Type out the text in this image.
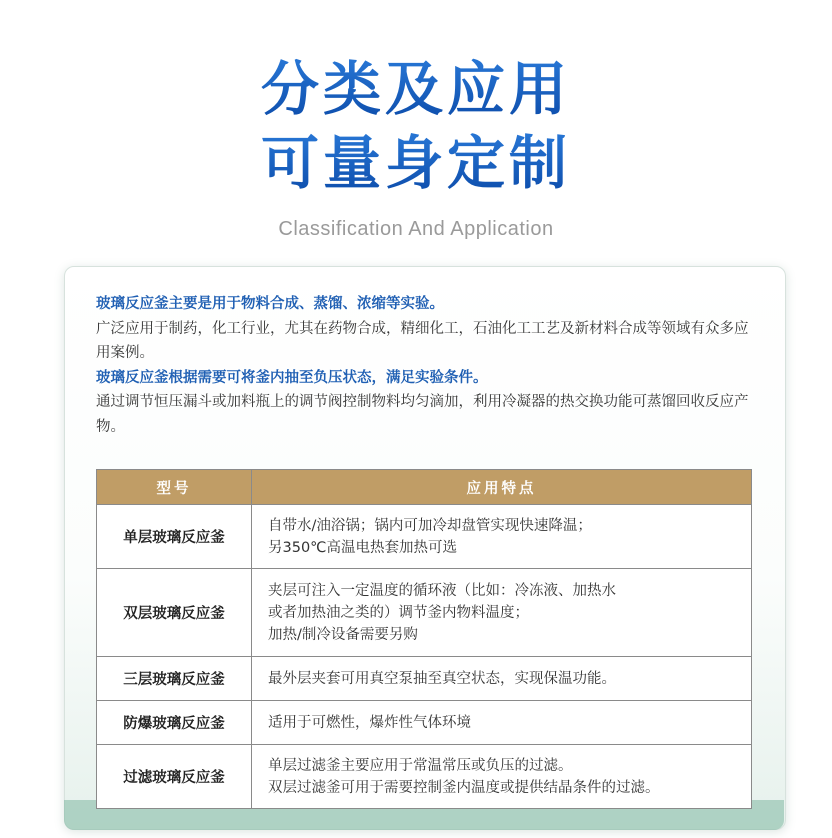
分类及应用
可量身定制
Classification And Application

玻璃反应釜主要是用于物料合成、蒸馏、浓缩等实验。

广泛应用于制药，化工行业，尤其在药物合成，精细化工，石油化工工艺及新材料合成等领域有众多应用案例。

玻璃反应釜根据需要可将釜内抽至负压状态，满足实验条件。

通过调节恒压漏斗或加料瓶上的调节阀控制物料均匀滴加，利用冷凝器的热交换功能可蒸馏回收反应产物。

型号	应用特点
单层玻璃反应釜	自带水/油浴锅；锅内可加冷却盘管实现快速降温；
另350℃高温电热套加热可选

双层玻璃反应釜	夹层可注入一定温度的循环液（比如：冷冻液、加热水
或者加热油之类的）调节釜内物料温度；
加热/制冷设备需要另购

三层玻璃反应釜	最外层夹套可用真空泵抽至真空状态，实现保温功能。

防爆玻璃反应釜	适用于可燃性，爆炸性气体环境

过滤玻璃反应釜	单层过滤釜主要应用于常温常压或负压的过滤。
双层过滤釜可用于需要控制釜内温度或提供结晶条件的过滤。
